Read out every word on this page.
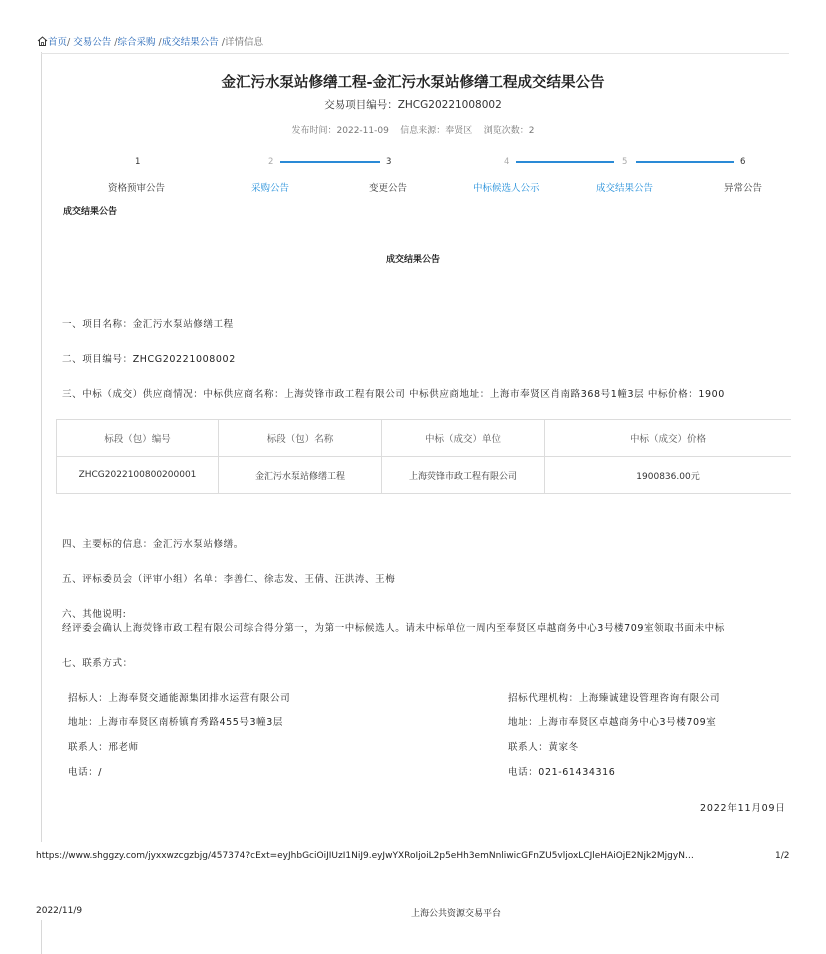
首页/ 交易公告 /综合采购 /成交结果公告 /详情信息
金汇污水泵站修缮工程-金汇污水泵站修缮工程成交结果公告
交易项目编号：ZHCG20221008002
发布时间：2022-11-09    信息来源：奉贤区    浏览次数：2
1	2	3	4	5	6
资格预审公告	采购公告	变更公告	中标候选人公示	成交结果公告	异常公告
成交结果公告
成交结果公告
一、项目名称：金汇污水泵站修缮工程
二、项目编号：ZHCG20221008002
三、中标（成交）供应商情况：中标供应商名称：上海荧锋市政工程有限公司 中标供应商地址：上海市奉贤区肖南路368号1幢3层 中标价格：1900
标段（包）编号	标段（包）名称	中标（成交）单位	中标（成交）价格
ZHCG2022100800200001	金汇污水泵站修缮工程	上海荧锋市政工程有限公司	1900836.00元
四、主要标的信息：金汇污水泵站修缮。
五、评标委员会（评审小组）名单：李善仁、徐志发、王倩、汪洪涛、王梅
六、其他说明:
经评委会确认上海荧锋市政工程有限公司综合得分第一，为第一中标候选人。请未中标单位一周内至奉贤区卓越商务中心3号楼709室领取书面未中标
七、联系方式：
招标人：上海奉贤交通能源集团排水运营有限公司
地址：上海市奉贤区南桥镇育秀路455号3幢3层
联系人：邢老师
电话：/
招标代理机构：上海臻诚建设管理咨询有限公司
地址：上海市奉贤区卓越商务中心3号楼709室
联系人：黄家冬
电话：021-61434316
2022年11月09日
https://www.shggzy.com/jyxxwzcgzbjg/457374?cExt=eyJhbGciOiJIUzI1NiJ9.eyJwYXRoIjoiL2p5eHh3emNnliwicGFnZU5vljoxLCJleHAiOjE2Njk2MjgyN…	1/2
2022/11/9	上海公共资源交易平台
